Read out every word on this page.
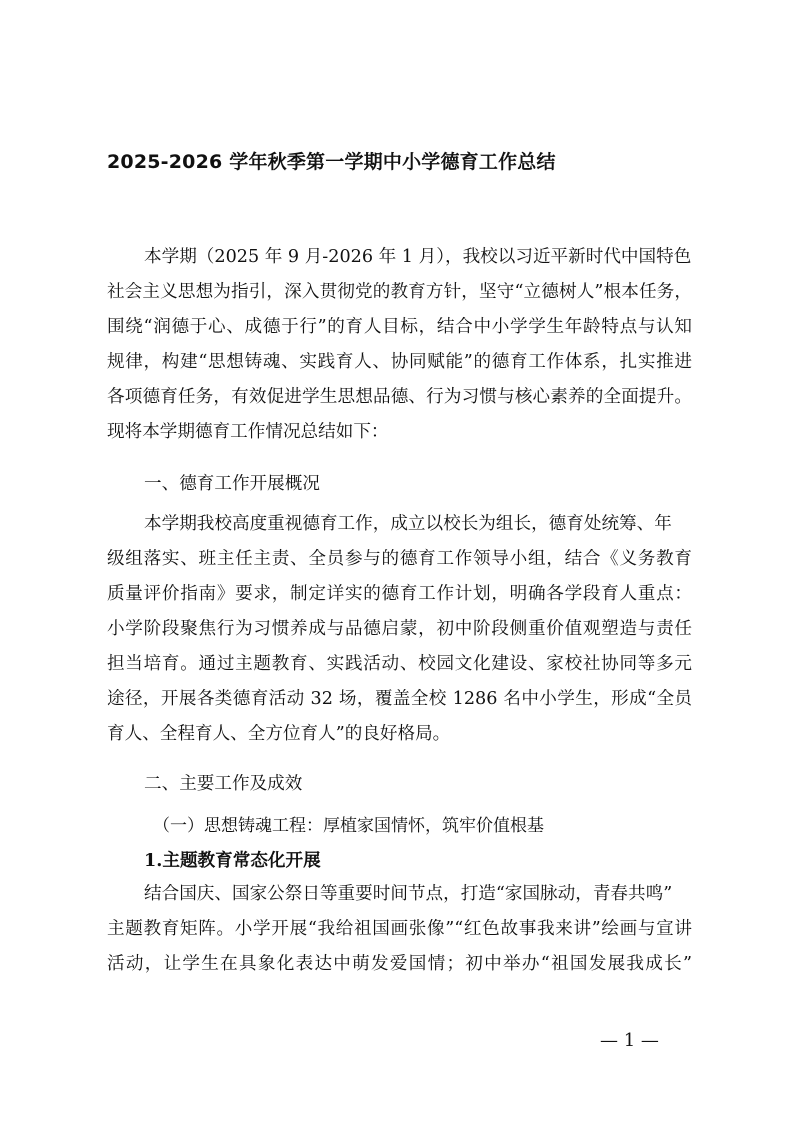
2025-2026 学年秋季第一学期中小学德育工作总结
本学期（2025 年 9 月-2026 年 1 月），我校以习近平新时代中国特色
社会主义思想为指引，深入贯彻党的教育方针，坚守“立德树人”根本任务，
围绕“润德于心、成德于行”的育人目标，结合中小学学生年龄特点与认知
规律，构建“思想铸魂、实践育人、协同赋能”的德育工作体系，扎实推进
各项德育任务，有效促进学生思想品德、行为习惯与核心素养的全面提升。
现将本学期德育工作情况总结如下：
一、德育工作开展概况
本学期我校高度重视德育工作，成立以校长为组长，德育处统筹、年
级组落实、班主任主责、全员参与的德育工作领导小组，结合《义务教育
质量评价指南》要求，制定详实的德育工作计划，明确各学段育人重点：
小学阶段聚焦行为习惯养成与品德启蒙，初中阶段侧重价值观塑造与责任
担当培育。通过主题教育、实践活动、校园文化建设、家校社协同等多元
途径，开展各类德育活动 32 场，覆盖全校 1286 名中小学生，形成“全员
育人、全程育人、全方位育人”的良好格局。
二、主要工作及成效
（一）思想铸魂工程：厚植家国情怀，筑牢价值根基
1.主题教育常态化开展
结合国庆、国家公祭日等重要时间节点，打造“家国脉动，青春共鸣”
主题教育矩阵。小学开展“我给祖国画张像”“红色故事我来讲”绘画与宣讲
活动，让学生在具象化表达中萌发爱国情；初中举办“祖国发展我成长”
— 1 —
